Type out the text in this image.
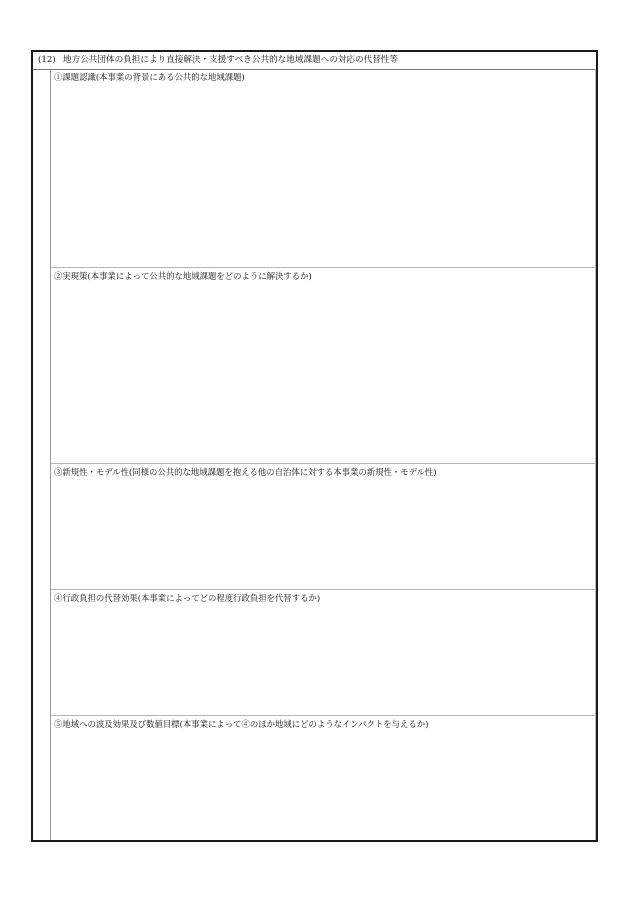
(12) 地方公共団体の負担により直接解決・支援すべき公共的な地域課題への対応の代替性等
①課題認識(本事業の背景にある公共的な地域課題)
②実現策(本事業によって公共的な地域課題をどのように解決するか)
③新規性・モデル性(同様の公共的な地域課題を抱える他の自治体に対する本事業の新規性・モデル性)
④行政負担の代替効果(本事業によってどの程度行政負担を代替するか)
⑤地域への波及効果及び数値目標(本事業によって④のほか地域にどのようなインパクトを与えるか)
